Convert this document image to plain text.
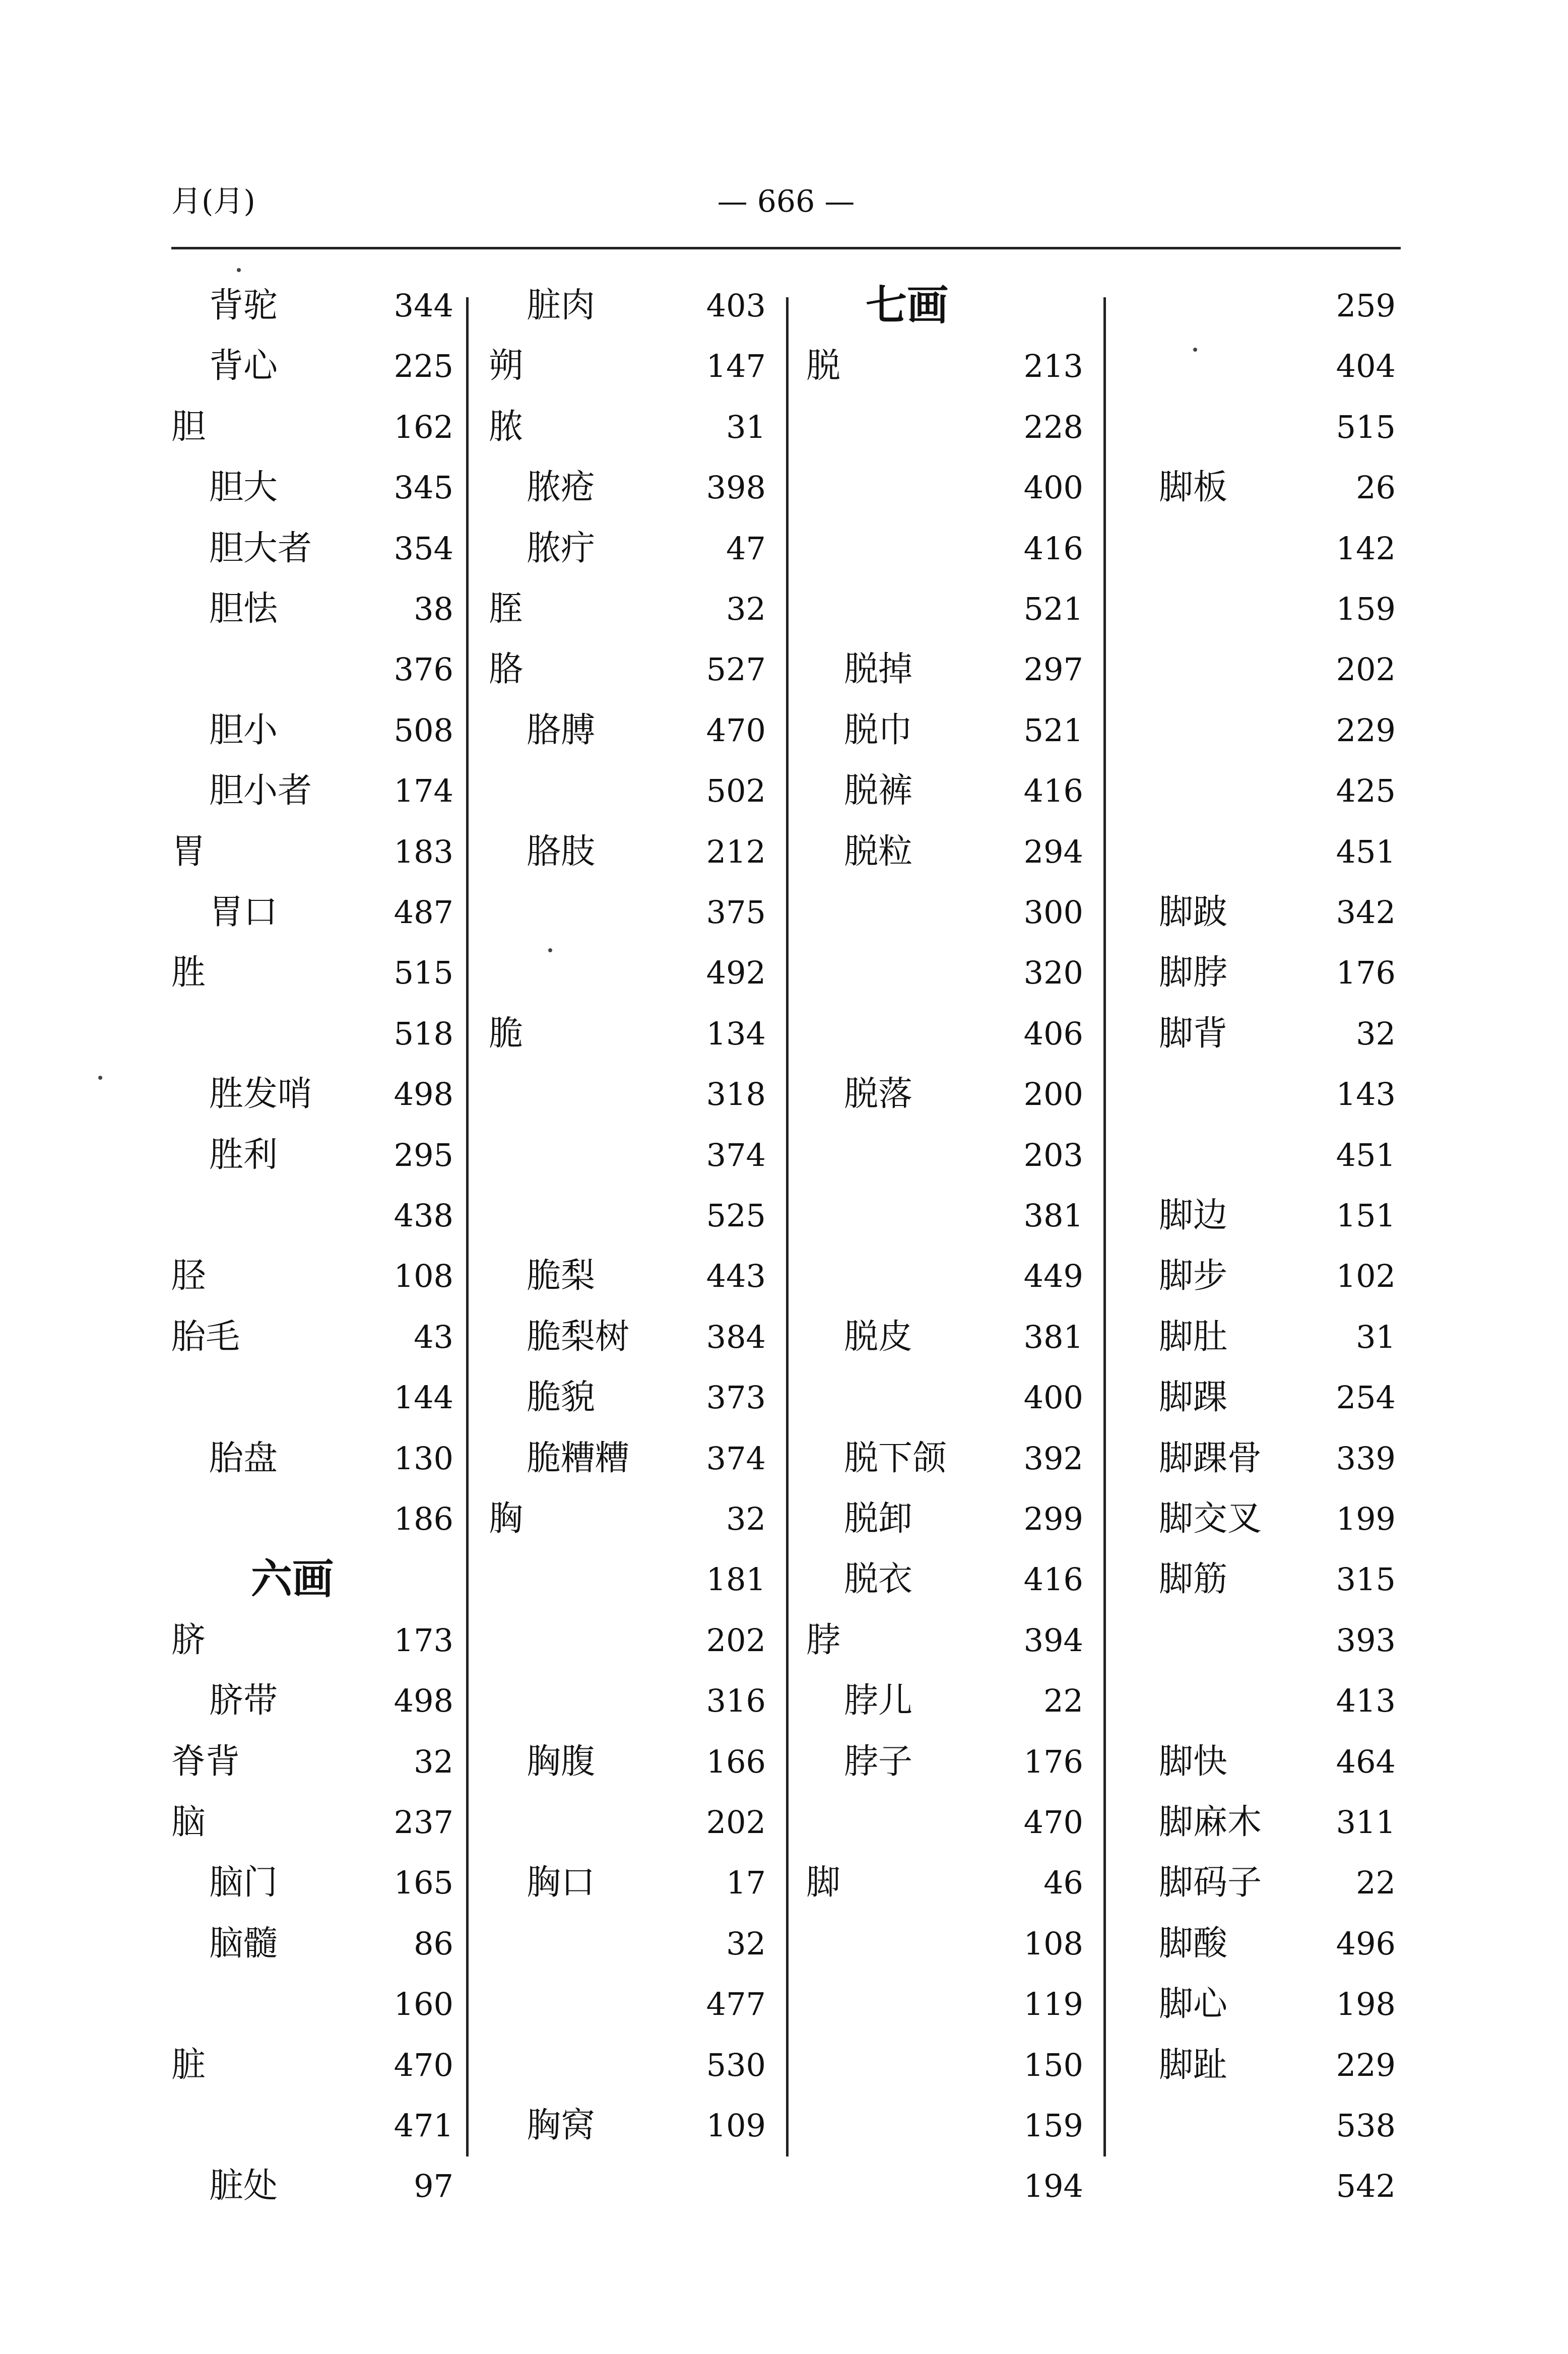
月(月)	— 666 —
背驼	344
背心	225
胆	162
胆大	345
胆大者	354
胆怯	38
376
胆小	508
胆小者	174
胃	183
胃口	487
胜	515
518
胜发哨	498
胜利	295
438
胫	108
胎毛	43
144
胎盘	130
186
六画
脐	173
脐带	498
脊背	32
脑	237
脑门	165
脑髓	86
160
脏	470
471
脏处	97
脏肉	403
朔	147
脓	31
脓疮	398
脓疔	47
胵	32
胳	527
胳膊	470
502
胳肢	212
375
492
脆	134
318
374
525
脆梨	443
脆梨树	384
脆貌	373
脆糟糟	374
胸	32
181
202
316
胸腹	166
202
胸口	17
32
477
530
胸窝	109
七画
脱	213
228
400
416
521
脱掉	297
脱巾	521
脱裤	416
脱粒	294
300
320
406
脱落	200
203
381
449
脱皮	381
400
脱下颌	392
脱卸	299
脱衣	416
脖	394
脖儿	22
脖子	176
470
脚	46
108
119
150
159
194
259
404
515
脚板	26
142
159
202
229
425
451
脚跛	342
脚脖	176
脚背	32
143
451
脚边	151
脚步	102
脚肚	31
脚踝	254
脚踝骨	339
脚交叉	199
脚筋	315
393
413
脚快	464
脚麻木	311
脚码子	22
脚酸	496
脚心	198
脚趾	229
538
542
